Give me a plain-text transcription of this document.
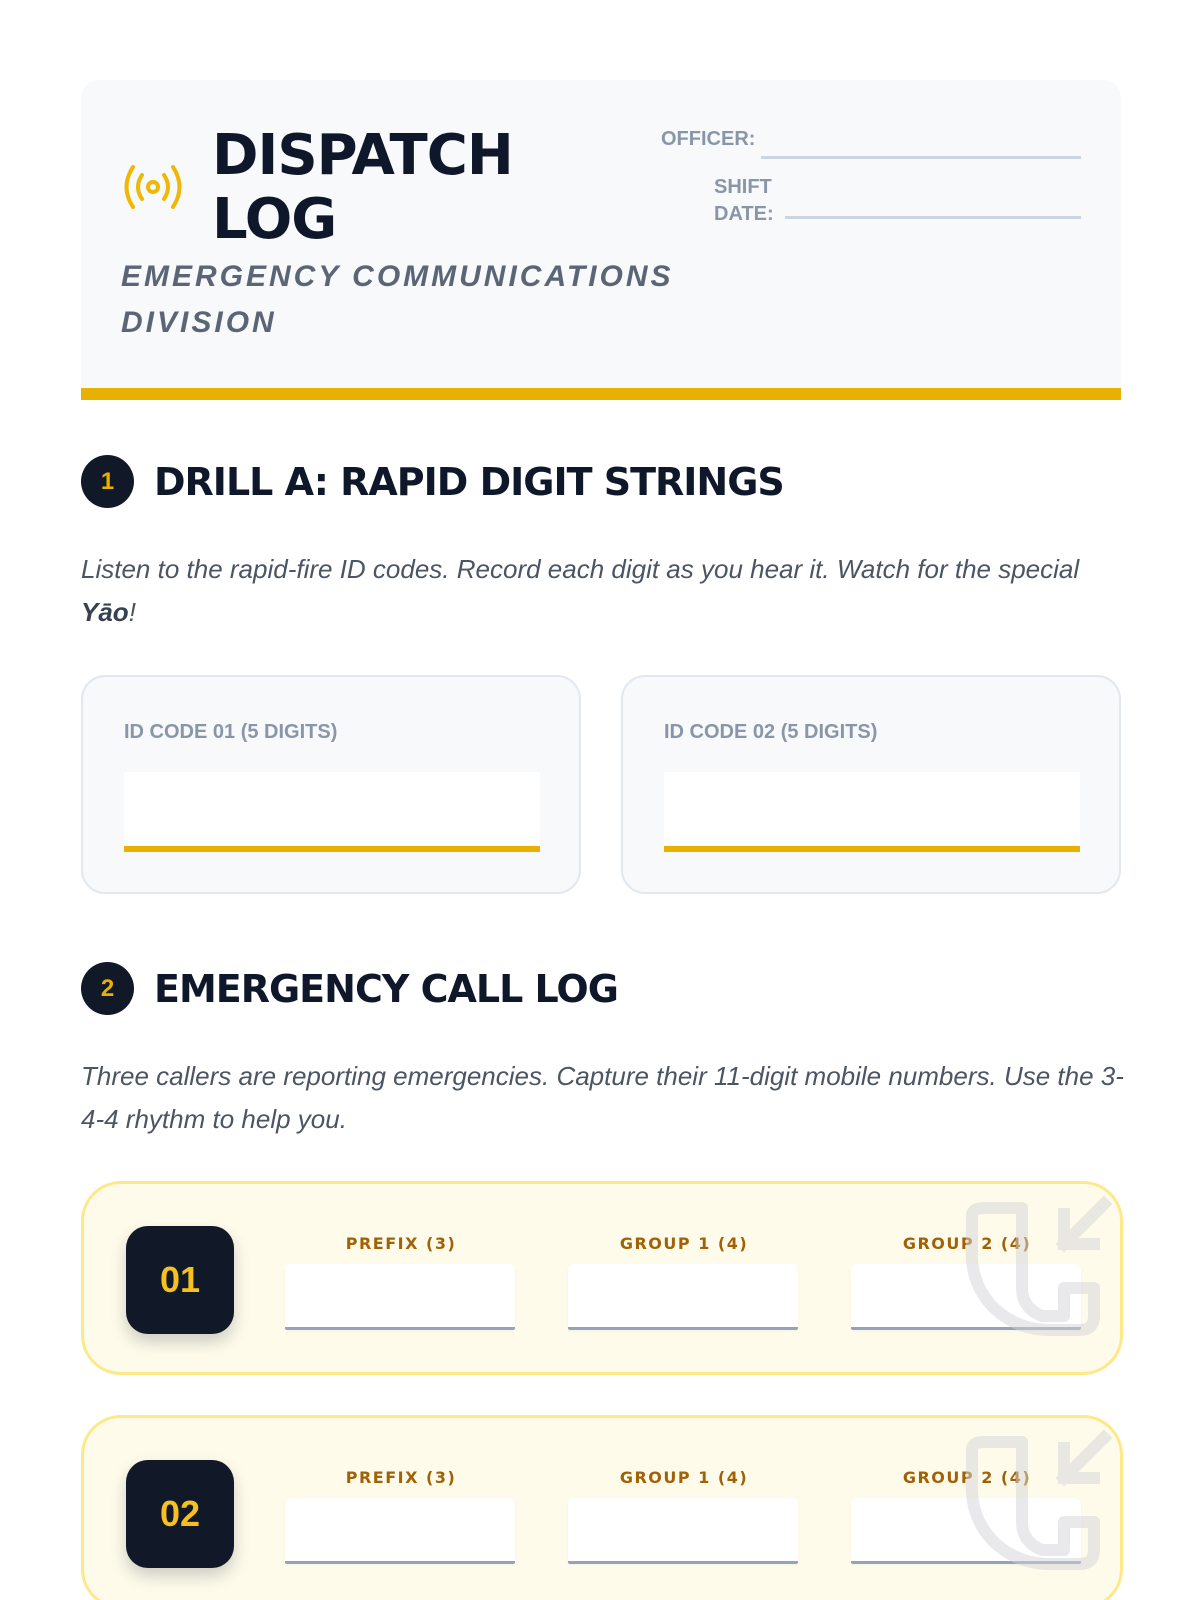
DISPATCH LOG
EMERGENCY COMMUNICATIONS DIVISION
OFFICER:
SHIFT DATE:
1	DRILL A: RAPID DIGIT STRINGS

Listen to the rapid-fire ID codes. Record each digit as you hear it. Watch for the special Yāo!

ID CODE 01 (5 DIGITS)	ID CODE 02 (5 DIGITS)
2	EMERGENCY CALL LOG

Three callers are reporting emergencies. Capture their 11-digit mobile numbers. Use the 3-4-4 rhythm to help you.

01
PREFIX (3)	GROUP 1 (4)	GROUP 2 (4)
02
PREFIX (3)	GROUP 1 (4)	GROUP 2 (4)
